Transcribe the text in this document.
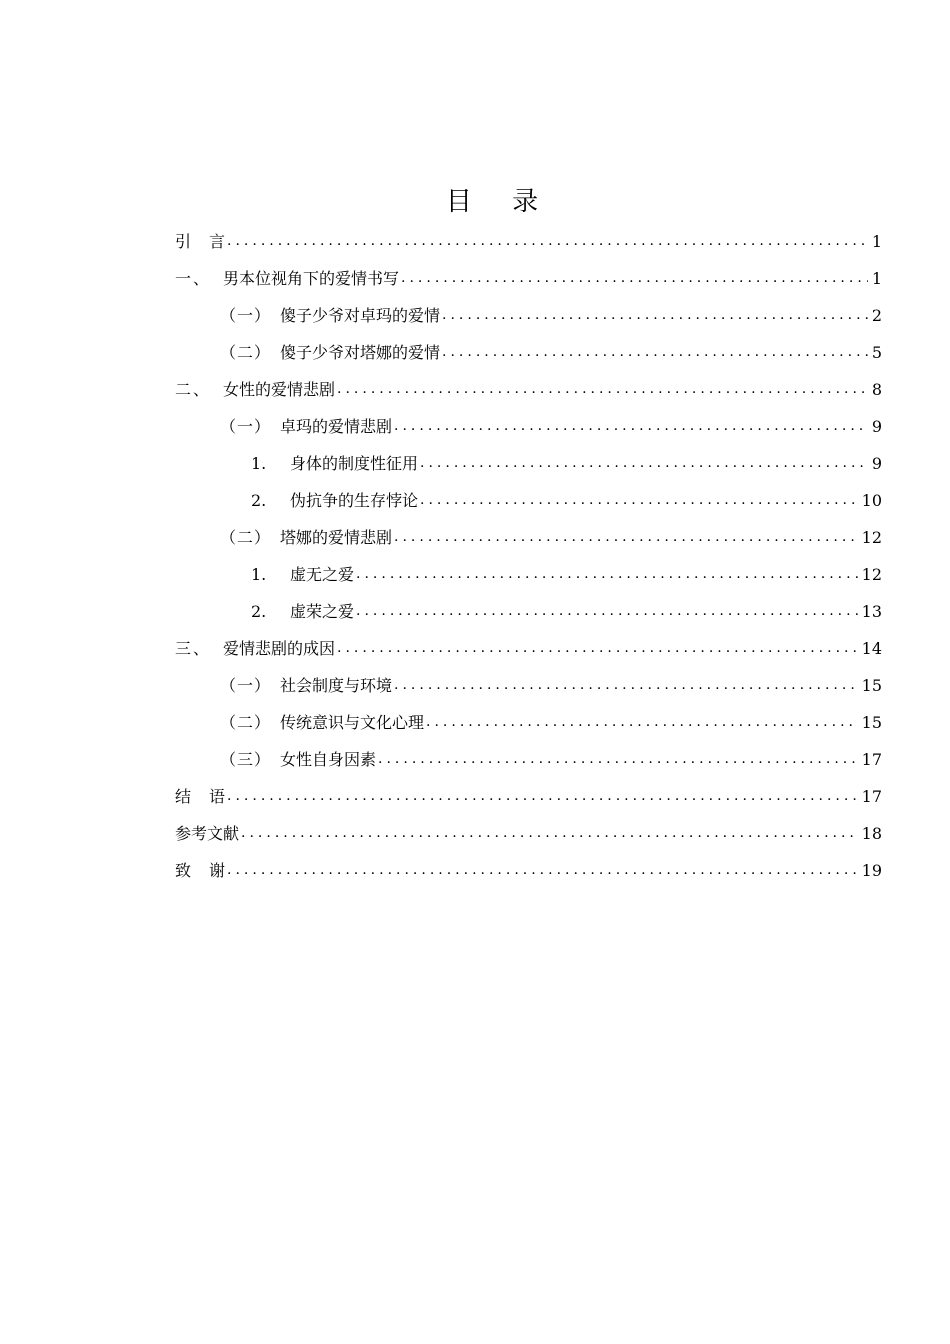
目 录
引言 .....	1
一、 男本位视角下的爱情书写 .....	1
（一） 傻子少爷对卓玛的爱情 .....	2
（二） 傻子少爷对塔娜的爱情 .....	5
二、 女性的爱情悲剧 .....	8
（一） 卓玛的爱情悲剧 .....	9
1.	身体的制度性征用 .....	9
2.	伪抗争的生存悖论 .....	10
（二） 塔娜的爱情悲剧 .....	12
1.	虚无之爱 .....	12
2.	虚荣之爱 .....	13
三、 爱情悲剧的成因 .....	14
（一） 社会制度与环境 .....	15
（二） 传统意识与文化心理 .....	15
（三） 女性自身因素 .....	17
结语 .....	17
参考文献 .....	18
致谢 .....	19
